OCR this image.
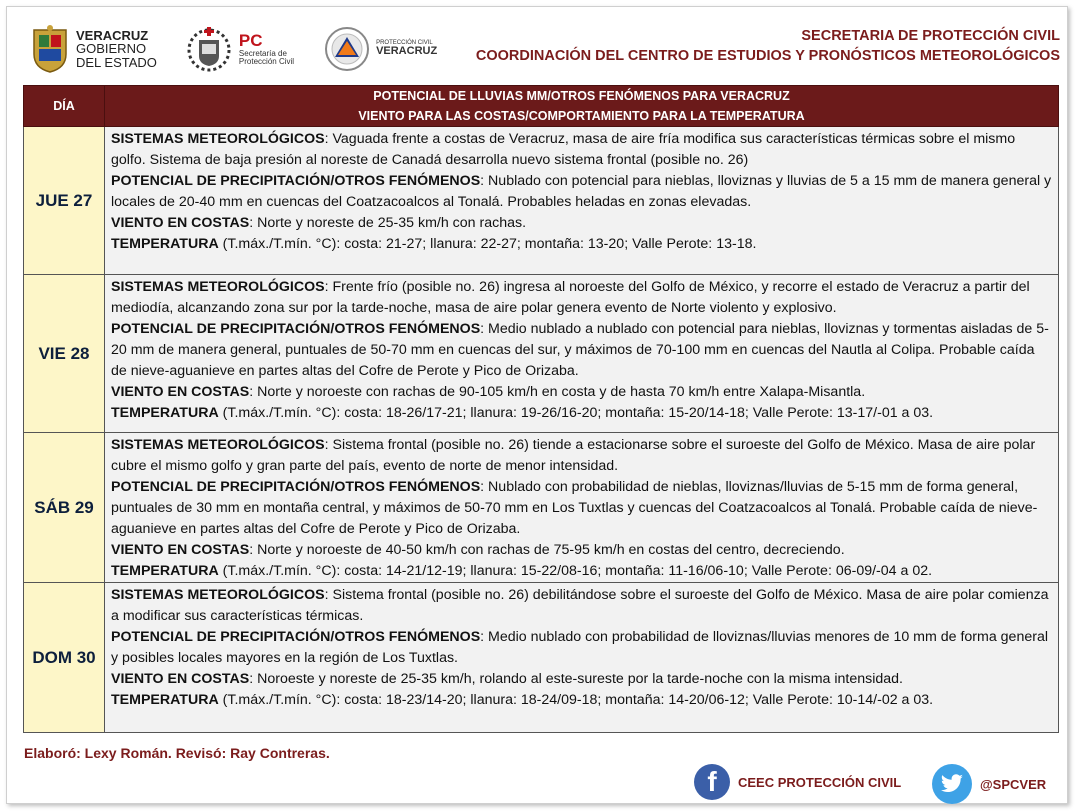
VERACRUZ
GOBIERNO
DEL ESTADO
PC
Secretaría de
Protección Civil
PROTECCIÓN CIVIL
VERACRUZ
SECRETARIA DE PROTECCIÓN CIVIL
COORDINACIÓN DEL CENTRO DE ESTUDIOS Y PRONÓSTICOS METEOROLÓGICOS
DÍA	POTENCIAL DE LLUVIAS MM/OTROS FENÓMENOS PARA VERACRUZ
VIENTO PARA LAS COSTAS/COMPORTAMIENTO PARA LA TEMPERATURA

JUE 27	SISTEMAS METEOROLÓGICOS: Vaguada frente a costas de Veracruz, masa de aire fría modifica sus características térmicas sobre el mismo golfo. Sistema de baja presión al noreste de Canadá desarrolla nuevo sistema frontal (posible no. 26)
POTENCIAL DE PRECIPITACIÓN/OTROS FENÓMENOS: Nublado con potencial para nieblas, lloviznas y lluvias de 5 a 15 mm de manera general y locales de 20-40 mm en cuencas del Coatzacoalcos al Tonalá. Probables heladas en zonas elevadas.
VIENTO EN COSTAS: Norte y noreste de 25-35 km/h con rachas.
TEMPERATURA (T.máx./T.mín. °C): costa: 21-27; llanura: 22-27; montaña: 13-20; Valle Perote: 13-18.

VIE 28	SISTEMAS METEOROLÓGICOS: Frente frío (posible no. 26) ingresa al noroeste del Golfo de México, y recorre el estado de Veracruz a partir del mediodía, alcanzando zona sur por la tarde-noche, masa de aire polar genera evento de Norte violento y explosivo.
POTENCIAL DE PRECIPITACIÓN/OTROS FENÓMENOS: Medio nublado a nublado con potencial para nieblas, lloviznas y tormentas aisladas de 5-20 mm de manera general, puntuales de 50-70 mm en cuencas del sur, y máximos de 70-100 mm en cuencas del Nautla al Colipa. Probable caída de nieve-aguanieve en partes altas del Cofre de Perote y Pico de Orizaba.
VIENTO EN COSTAS: Norte y noroeste con rachas de 90-105 km/h en costa y de hasta 70 km/h entre Xalapa-Misantla.
TEMPERATURA (T.máx./T.mín. °C): costa: 18-26/17-21; llanura: 19-26/16-20; montaña: 15-20/14-18; Valle Perote: 13-17/-01 a 03.

SÁB 29	SISTEMAS METEOROLÓGICOS: Sistema frontal (posible no. 26) tiende a estacionarse sobre el suroeste del Golfo de México. Masa de aire polar cubre el mismo golfo y gran parte del país, evento de norte de menor intensidad.
POTENCIAL DE PRECIPITACIÓN/OTROS FENÓMENOS: Nublado con probabilidad de nieblas, lloviznas/lluvias de 5-15 mm de forma general, puntuales de 30 mm en montaña central, y máximos de 50-70 mm en Los Tuxtlas y cuencas del Coatzacoalcos al Tonalá. Probable caída de nieve-aguanieve en partes altas del Cofre de Perote y Pico de Orizaba.
VIENTO EN COSTAS: Norte y noroeste de 40-50 km/h con rachas de 75-95 km/h en costas del centro, decreciendo.
TEMPERATURA (T.máx./T.mín. °C): costa: 14-21/12-19; llanura: 15-22/08-16; montaña: 11-16/06-10; Valle Perote: 06-09/-04 a 02.

DOM 30	SISTEMAS METEOROLÓGICOS: Sistema frontal (posible no. 26) debilitándose sobre el suroeste del Golfo de México. Masa de aire polar comienza a modificar sus características térmicas.
POTENCIAL DE PRECIPITACIÓN/OTROS FENÓMENOS: Medio nublado con probabilidad de lloviznas/lluvias menores de 10 mm de forma general y posibles locales mayores en la región de Los Tuxtlas.
VIENTO EN COSTAS: Noroeste y noreste de 25-35 km/h, rolando al este-sureste por la tarde-noche con la misma intensidad.
TEMPERATURA (T.máx./T.mín. °C): costa: 18-23/14-20; llanura: 18-24/09-18; montaña: 14-20/06-12; Valle Perote: 10-14/-02 a 03.
Elaboró: Lexy Román. Revisó: Ray Contreras.
f	CEEC PROTECCIÓN CIVIL	@SPCVER
